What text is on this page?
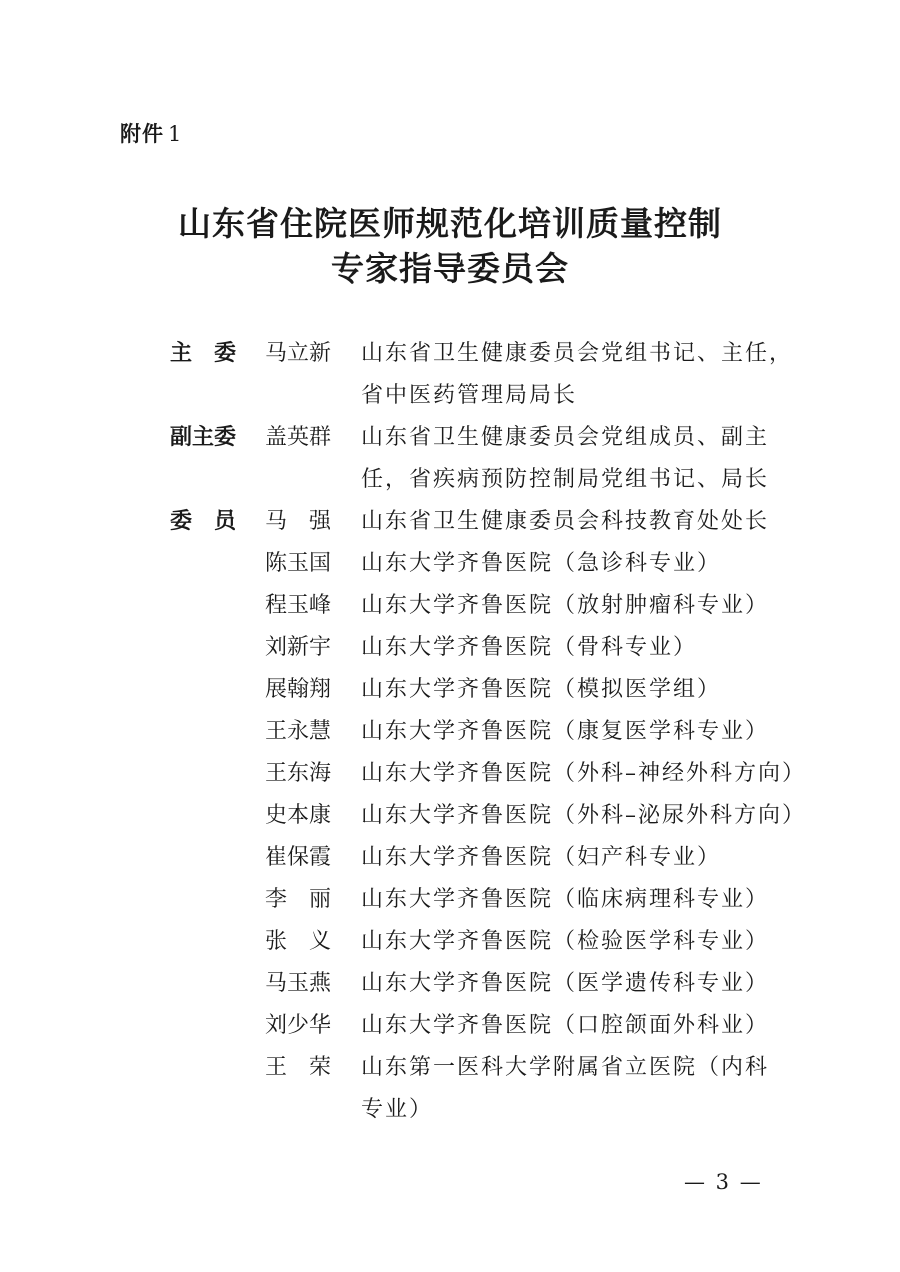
附件 1
山东省住院医师规范化培训质量控制
专家指导委员会
主　委 马立新 山东省卫生健康委员会党组书记、主任，
省中医药管理局局长
副主委 盖英群 山东省卫生健康委员会党组成员、副主
任，省疾病预防控制局党组书记、局长
委　员 马　强 山东省卫生健康委员会科技教育处处长
陈玉国 山东大学齐鲁医院（急诊科专业）
程玉峰 山东大学齐鲁医院（放射肿瘤科专业）
刘新宇 山东大学齐鲁医院（骨科专业）
展翰翔 山东大学齐鲁医院（模拟医学组）
王永慧 山东大学齐鲁医院（康复医学科专业）
王东海 山东大学齐鲁医院（外科–神经外科方向）
史本康 山东大学齐鲁医院（外科–泌尿外科方向）
崔保霞 山东大学齐鲁医院（妇产科专业）
李　丽 山东大学齐鲁医院（临床病理科专业）
张　义 山东大学齐鲁医院（检验医学科专业）
马玉燕 山东大学齐鲁医院（医学遗传科专业）
刘少华 山东大学齐鲁医院（口腔颌面外科业）
王　荣 山东第一医科大学附属省立医院（内科
专业）
— 3 —
